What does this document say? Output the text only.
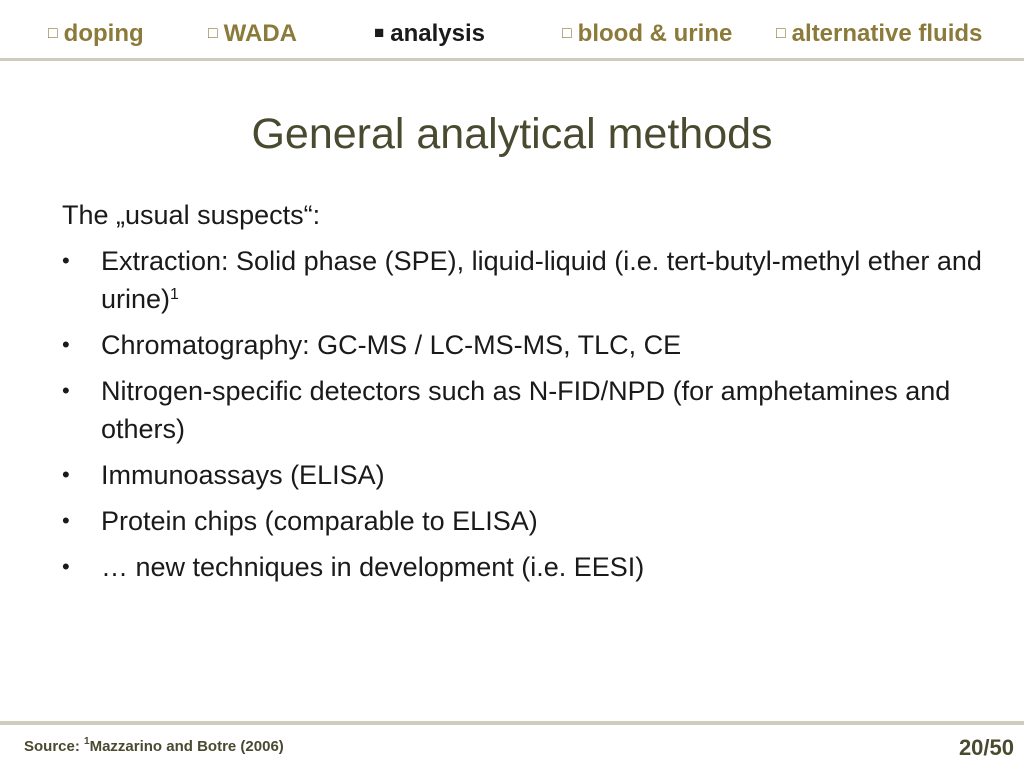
□ doping	□ WADA	■ analysis	□ blood & urine	□ alternative fluids
General analytical methods

The „usual suspects“:

• Extraction: Solid phase (SPE), liquid-liquid (i.e. tert-butyl-methyl ether and urine)$^1$
• Chromatography: GC-MS / LC-MS-MS, TLC, CE
• Nitrogen-specific detectors such as N-FID/NPD (for amphetamines and others)
• Immunoassays (ELISA)
• Protein chips (comparable to ELISA)
• … new techniques in development (i.e. EESI)
Source: $^1$Mazzarino and Botre (2006)	20/50
